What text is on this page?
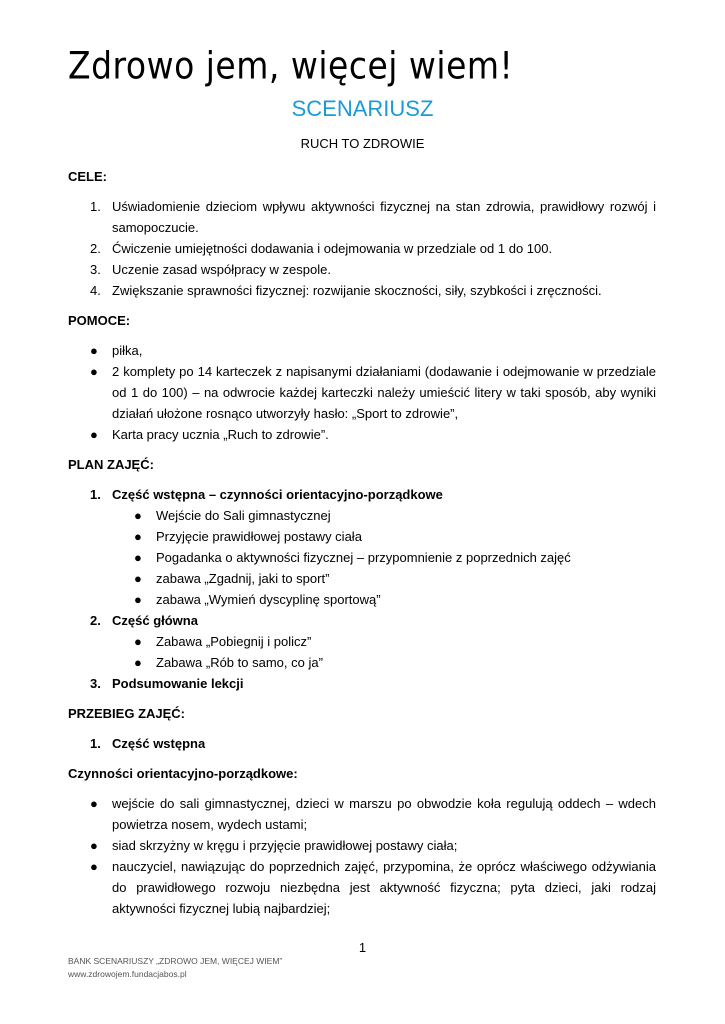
Zdrowo jem, więcej wiem!
SCENARIUSZ
RUCH TO ZDROWIE

CELE:

1. Uświadomienie dzieciom wpływu aktywności fizycznej na stan zdrowia, prawidłowy rozwój i samopoczucie.
2. Ćwiczenie umiejętności dodawania i odejmowania w przedziale od 1 do 100.
3. Uczenie zasad współpracy w zespole.
4. Zwiększanie sprawności fizycznej: rozwijanie skoczności, siły, szybkości i zręczności.

POMOCE:

● piłka,
● 2 komplety po 14 karteczek z napisanymi działaniami (dodawanie i odejmowanie w przedziale od 1 do 100) – na odwrocie każdej karteczki należy umieścić litery w taki sposób, aby wyniki działań ułożone rosnąco utworzyły hasło: „Sport to zdrowie”,
● Karta pracy ucznia „Ruch to zdrowie”.

PLAN ZAJĘĆ:

1. Część wstępna – czynności orientacyjno-porządkowe
● Wejście do Sali gimnastycznej
● Przyjęcie prawidłowej postawy ciała
● Pogadanka o aktywności fizycznej – przypomnienie z poprzednich zajęć
● zabawa „Zgadnij, jaki to sport”
● zabawa „Wymień dyscyplinę sportową”
2. Część główna
● Zabawa „Pobiegnij i policz”
● Zabawa „Rób to samo, co ja”
3. Podsumowanie lekcji

PRZEBIEG ZAJĘĆ:

1. Część wstępna

Czynności orientacyjno-porządkowe:

● wejście do sali gimnastycznej, dzieci w marszu po obwodzie koła regulują oddech – wdech powietrza nosem, wydech ustami;
● siad skrzyżny w kręgu i przyjęcie prawidłowej postawy ciała;
● nauczyciel, nawiązując do poprzednich zajęć, przypomina, że oprócz właściwego odżywiania do prawidłowego rozwoju niezbędna jest aktywność fizyczna; pyta dzieci, jaki rodzaj aktywności fizycznej lubią najbardziej;
1
BANK SCENARIUSZY „ZDROWO JEM, WIĘCEJ WIEM”
www.zdrowojem.fundacjabos.pl
